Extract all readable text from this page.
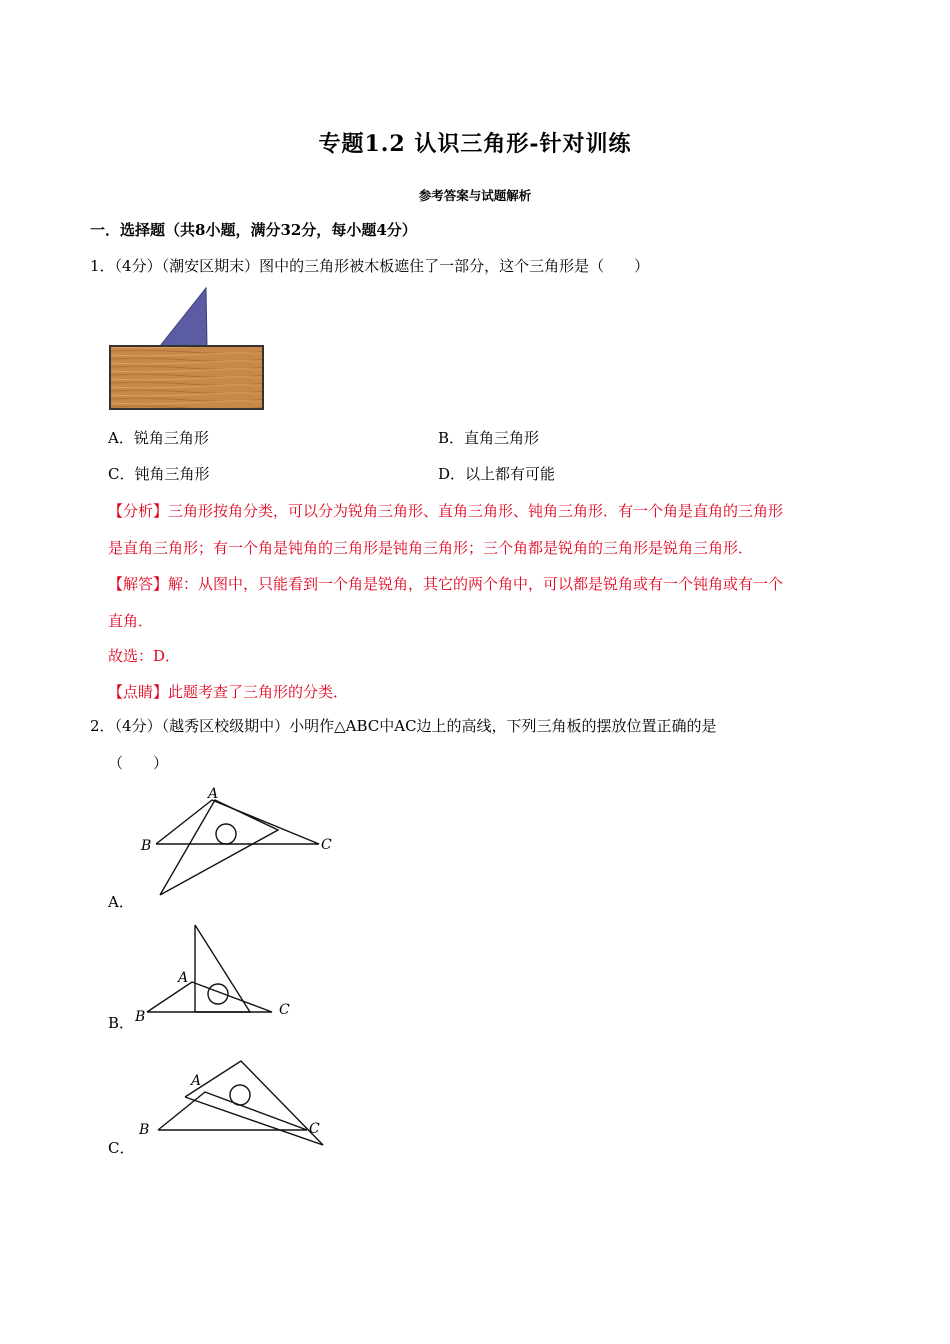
专题1.2 认识三角形-针对训练
参考答案与试题解析
一．选择题（共8小题，满分32分，每小题4分）
1．（4分）（潮安区期末）图中的三角形被木板遮住了一部分，这个三角形是（　　）
A．锐角三角形	B．直角三角形
C．钝角三角形	D．以上都有可能
【分析】三角形按角分类，可以分为锐角三角形、直角三角形、钝角三角形．有一个角是直角的三角形
是直角三角形；有一个角是钝角的三角形是钝角三角形；三个角都是锐角的三角形是锐角三角形．
【解答】解：从图中，只能看到一个角是锐角，其它的两个角中，可以都是锐角或有一个钝角或有一个
直角．
故选：D．
【点睛】此题考查了三角形的分类．
2．（4分）（越秀区校级期中）小明作△ABC中AC边上的高线，下列三角板的摆放位置正确的是
（　　）
A
B	C
A．
A
B	C
B．
A
B	C
C．
